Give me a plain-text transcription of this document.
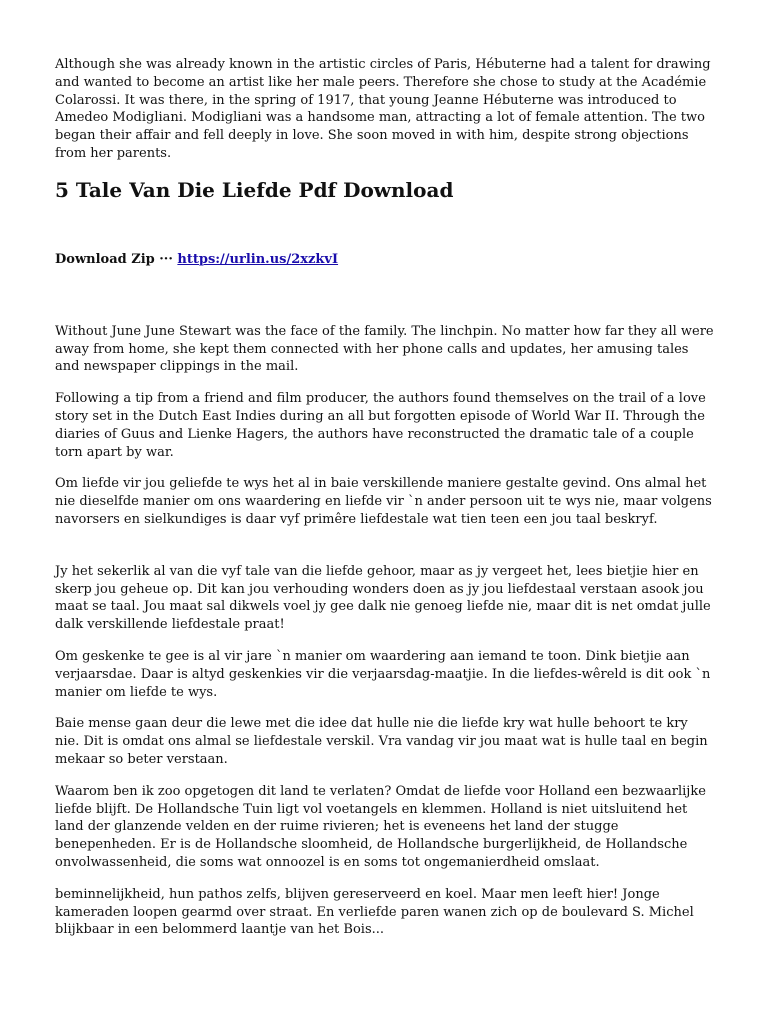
Although she was already known in the artistic circles of Paris, Hébuterne had a talent for drawing and wanted to become an artist like her male peers. Therefore she chose to study at the Académie Colarossi. It was there, in the spring of 1917, that young Jeanne Hébuterne was introduced to Amedeo Modigliani. Modigliani was a handsome man, attracting a lot of female attention. The two began their affair and fell deeply in love. She soon moved in with him, despite strong objections from her parents.

5 Tale Van Die Liefde Pdf Download
Download Zip ··· https://urlin.us/2xzkvI

Without June June Stewart was the face of the family. The linchpin. No matter how far they all were away from home, she kept them connected with her phone calls and updates, her amusing tales and newspaper clippings in the mail.

Following a tip from a friend and film producer, the authors found themselves on the trail of a love story set in the Dutch East Indies during an all but forgotten episode of World War II. Through the diaries of Guus and Lienke Hagers, the authors have reconstructed the dramatic tale of a couple torn apart by war.

Om liefde vir jou geliefde te wys het al in baie verskillende maniere gestalte gevind. Ons almal het nie dieselfde manier om ons waardering en liefde vir `n ander persoon uit te wys nie, maar volgens navorsers en sielkundiges is daar vyf primêre liefdestale wat tien teen een jou taal beskryf.

Jy het sekerlik al van die vyf tale van die liefde gehoor, maar as jy vergeet het, lees bietjie hier en skerp jou geheue op. Dit kan jou verhouding wonders doen as jy jou liefdestaal verstaan asook jou maat se taal. Jou maat sal dikwels voel jy gee dalk nie genoeg liefde nie, maar dit is net omdat julle dalk verskillende liefdestale praat!

Om geskenke te gee is al vir jare `n manier om waardering aan iemand te toon. Dink bietjie aan verjaarsdae. Daar is altyd geskenkies vir die verjaarsdag-maatjie. In die liefdes-wêreld is dit ook `n manier om liefde te wys.

Baie mense gaan deur die lewe met die idee dat hulle nie die liefde kry wat hulle behoort te kry nie. Dit is omdat ons almal se liefdestale verskil. Vra vandag vir jou maat wat is hulle taal en begin mekaar so beter verstaan.

Waarom ben ik zoo opgetogen dit land te verlaten? Omdat de liefde voor Holland een bezwaarlijke liefde blijft. De Hollandsche Tuin ligt vol voetangels en klemmen. Holland is niet uitsluitend het land der glanzende velden en der ruime rivieren; het is eveneens het land der stugge benepenheden. Er is de Hollandsche sloomheid, de Hollandsche burgerlijkheid, de Hollandsche onvolwassenheid, die soms wat onnoozel is en soms tot ongemanierdheid omslaat.

beminnelijkheid, hun pathos zelfs, blijven gereserveerd en koel. Maar men leeft hier! Jonge kameraden loopen gearmd over straat. En verliefde paren wanen zich op de boulevard S. Michel blijkbaar in een belommerd laantje van het Bois...
